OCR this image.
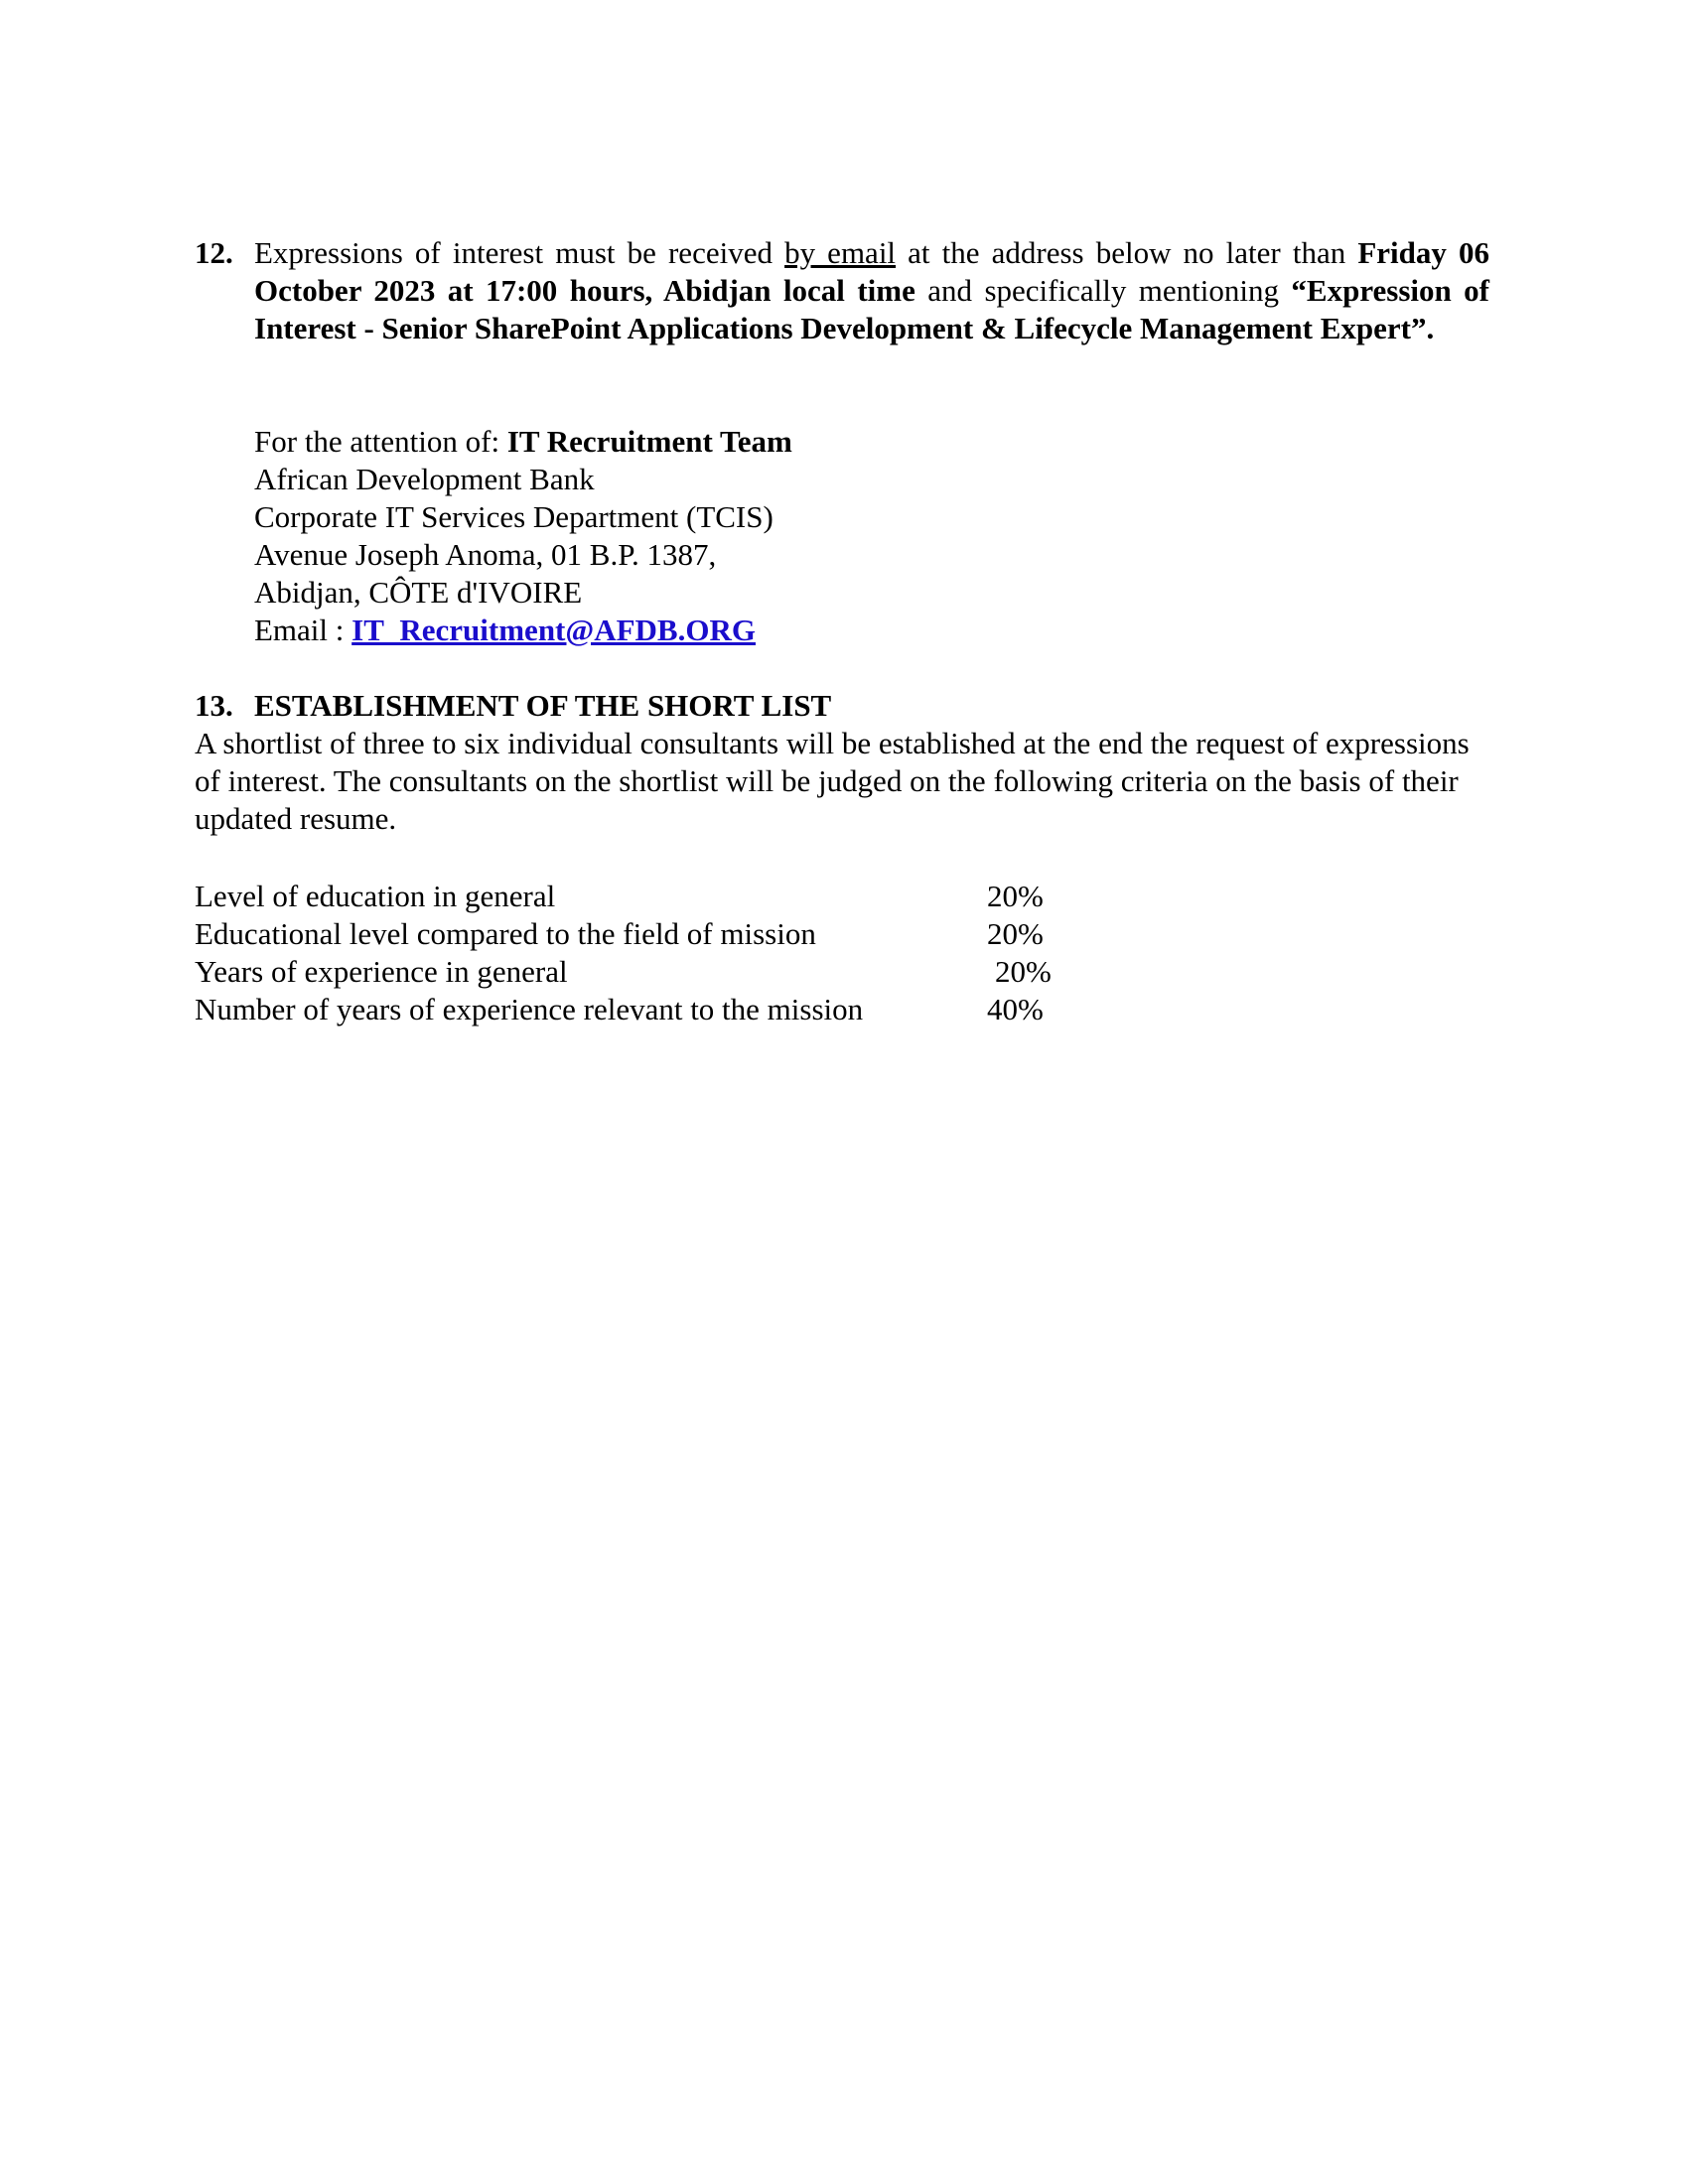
12. Expressions of interest must be received by email at the address below no later than Friday 06 October 2023 at 17:00 hours, Abidjan local time and specifically mentioning “Expression of Interest - Senior SharePoint Applications Development & Lifecycle Management Expert”.
For the attention of: IT Recruitment Team
African Development Bank
Corporate IT Services Department (TCIS)
Avenue Joseph Anoma, 01 B.P. 1387,
Abidjan, CÔTE d'IVOIRE
Email : IT_Recruitment@AFDB.ORG
13. ESTABLISHMENT OF THE SHORT LIST
A shortlist of three to six individual consultants will be established at the end the request of expressions of interest. The consultants on the shortlist will be judged on the following criteria on the basis of their updated resume.
Level of education in general	20%
Educational level compared to the field of mission	20%
Years of experience in general	20%
Number of years of experience relevant to the mission	40%
